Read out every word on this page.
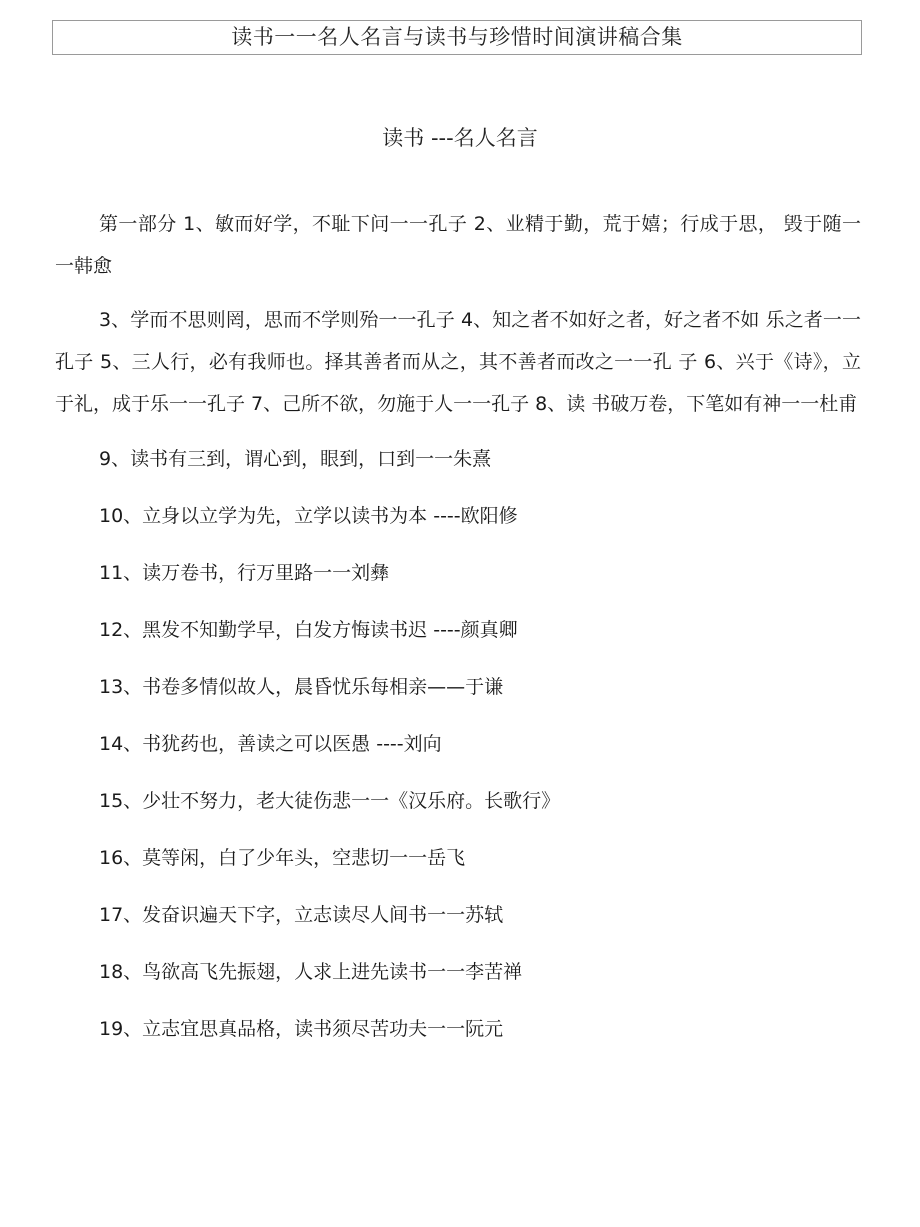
读书一一名人名言与读书与珍惜时间演讲稿合集
读书 ---名人名言

第一部分 1、敏而好学，不耻下问一一孔子 2、业精于勤，荒于嬉；行成于思， 毁于随一一韩愈

3、学而不思则罔，思而不学则殆一一孔子 4、知之者不如好之者，好之者不如 乐之者一一孔子 5、三人行，必有我师也。择其善者而从之，其不善者而改之一一孔 子 6、兴于《诗》，立于礼，成于乐一一孔子 7、己所不欲，勿施于人一一孔子 8、读 书破万卷，下笔如有神一一杜甫

9、读书有三到，谓心到，眼到，口到一一朱熹
10、立身以立学为先，立学以读书为本 ----欧阳修
11、读万卷书，行万里路一一刘彝
12、黑发不知勤学早，白发方悔读书迟 ----颜真卿
13、书卷多情似故人，晨昏忧乐每相亲——于谦
14、书犹药也，善读之可以医愚 ----刘向
15、少壮不努力，老大徒伤悲一一《汉乐府。长歌行》
16、莫等闲，白了少年头，空悲切一一岳飞
17、发奋识遍天下字，立志读尽人间书一一苏轼
18、鸟欲高飞先振翅，人求上进先读书一一李苦禅
19、立志宜思真品格，读书须尽苦功夫一一阮元
